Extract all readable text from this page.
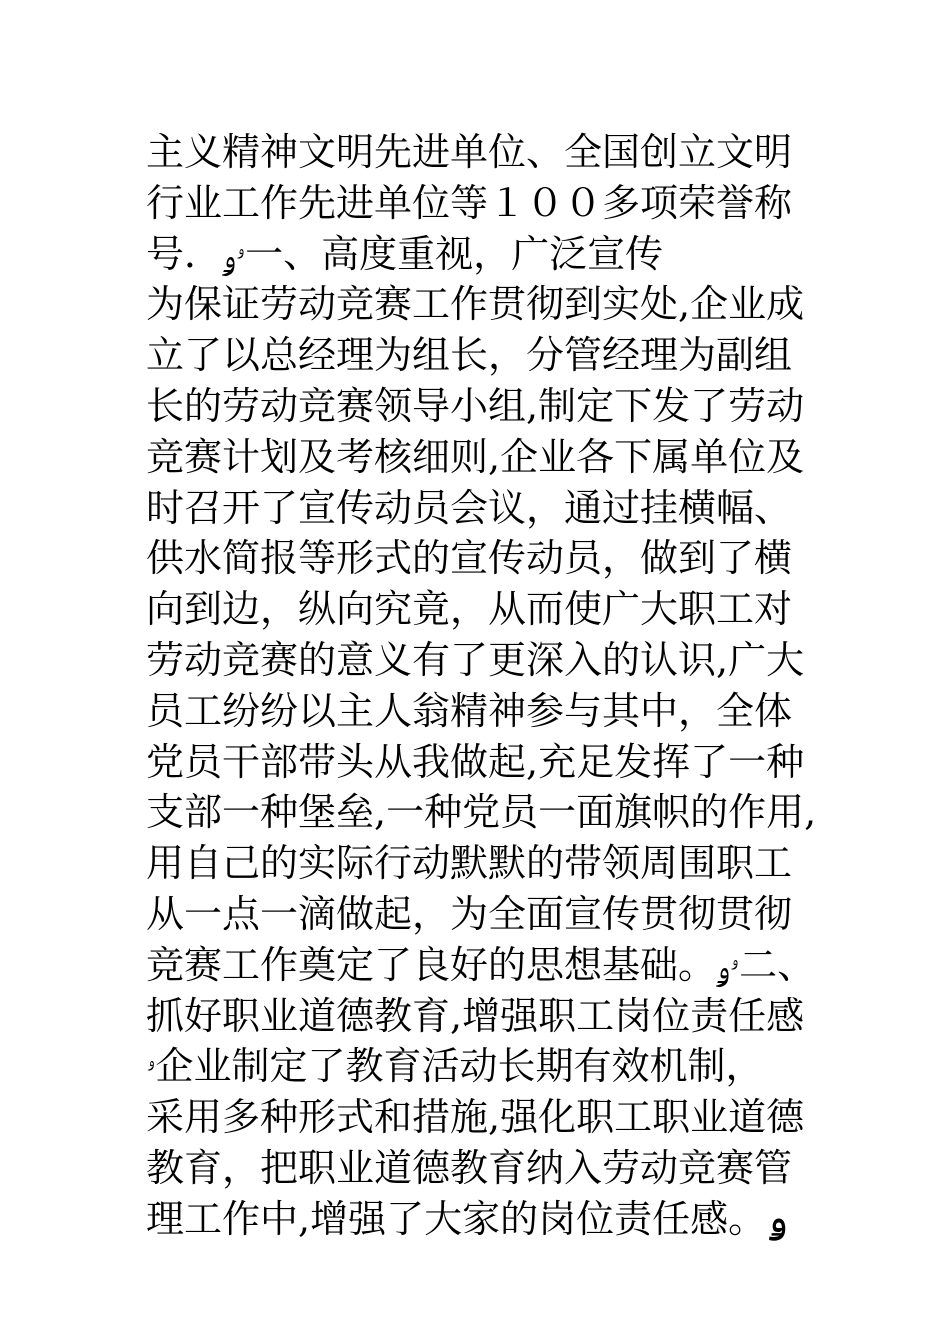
主义精神文明先进单位、全国创立文明
行业工作先进单位等１００多项荣誉称
号．ۥۅ一、高度重视，广泛宣传
为保证劳动竞赛工作贯彻到实处,企业成
立了以总经理为组长，分管经理为副组
长的劳动竞赛领导小组,制定下发了劳动
竞赛计划及考核细则,企业各下属单位及
时召开了宣传动员会议，通过挂横幅、
供水简报等形式的宣传动员，做到了横
向到边，纵向究竟，从而使广大职工对
劳动竞赛的意义有了更深入的认识,广大
员工纷纷以主人翁精神参与其中，全体
党员干部带头从我做起,充足发挥了一种
支部一种堡垒,一种党员一面旗帜的作用,
用自己的实际行动默默的带领周围职工
从一点一滴做起，为全面宣传贯彻贯彻
竞赛工作奠定了良好的思想基础。ۥۅ二、
抓好职业道德教育,增强职工岗位责任感
ۥ企业制定了教育活动长期有效机制，
采用多种形式和措施,强化职工职业道德
教育，把职业道德教育纳入劳动竞赛管
理工作中,增强了大家的岗位责任感。ۅ
